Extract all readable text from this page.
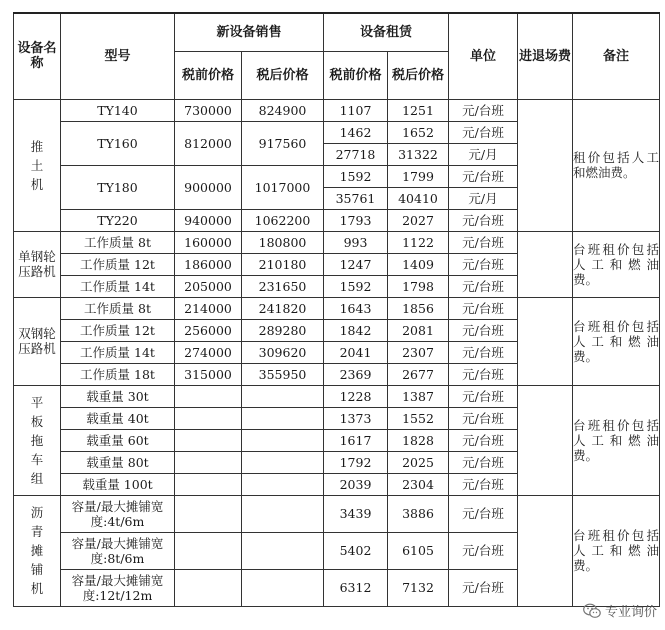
设备名称	型号	新设备销售		设备租赁		单位	进退场费	备注
		税前价格	税后价格	税前价格	税后价格			
推土机	TY140	730000	824900	1107	1251	元/台班		租价包括人工和燃油费。

	TY160	812000	917560	1462	1652	元/台班		
				27718	31322	元/月		
	TY180	900000	1017000	1592	1799	元/台班		
				35761	40410	元/月		
	TY220	940000	1062200	1793	2027	元/台班		
单钢轮压路机	工作质量 8t	160000	180800	993	1122	元/台班		台班租价包括人工和燃油费。

	工作质量 12t	186000	210180	1247	1409	元/台班		
	工作质量 14t	205000	231650	1592	1798	元/台班		
双钢轮压路机	工作质量 8t	214000	241820	1643	1856	元/台班		台班租价包括人工和燃油费。

	工作质量 12t	256000	289280	1842	2081	元/台班		
	工作质量 14t	274000	309620	2041	2307	元/台班		
	工作质量 18t	315000	355950	2369	2677	元/台班		
平板拖车组	载重量 30t			1228	1387	元/台班		台班租价包括人工和燃油费。

	载重量 40t			1373	1552	元/台班		
	载重量 60t			1617	1828	元/台班		
	载重量 80t			1792	2025	元/台班		
	载重量 100t			2039	2304	元/台班		
沥青摊铺机	容量/最大摊铺宽度:4t/6m			3439	3886	元/台班		台班租价包括人工和燃油费。

	容量/最大摊铺宽度:8t/6m			5402	6105	元/台班		
	容量/最大摊铺宽度:12t/12m			6312	7132	元/台班		
专业询价
